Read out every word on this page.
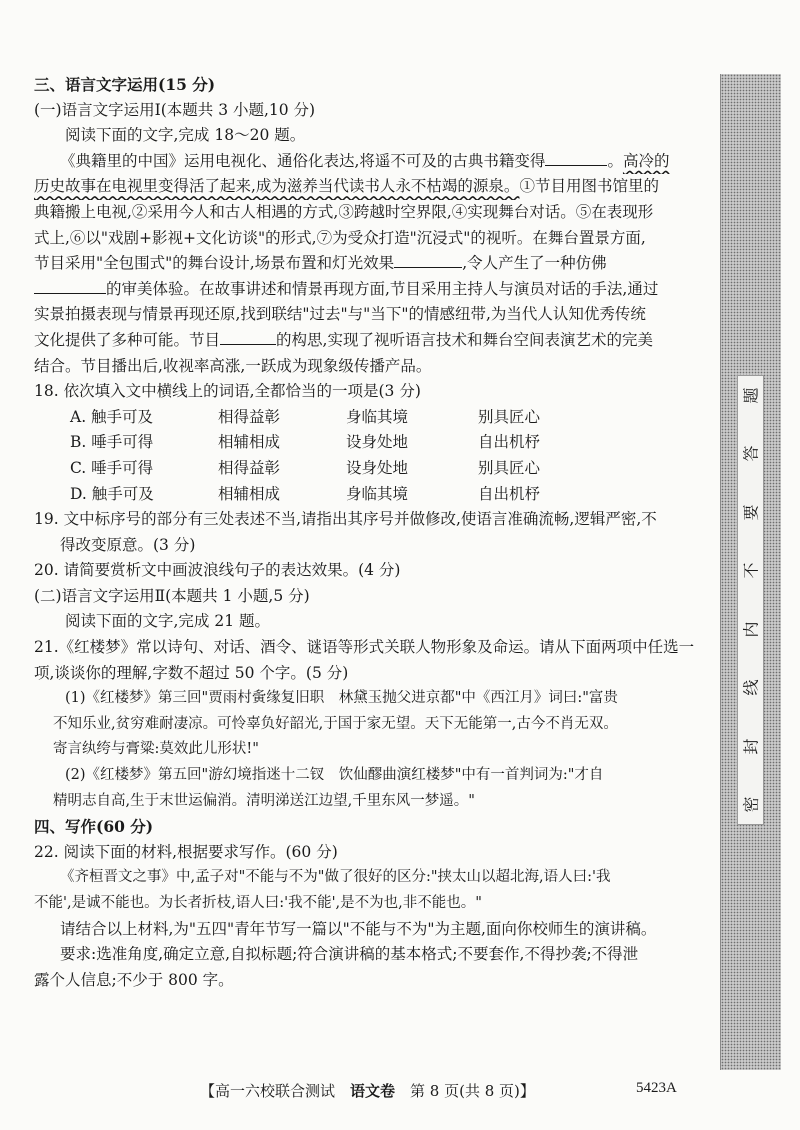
三、语言文字运用(15 分)
(一)语言文字运用Ⅰ(本题共 3 小题,10 分)
阅读下面的文字,完成 18～20 题。
《典籍里的中国》运用电视化、通俗化表达,将遥不可及的古典书籍变得	。高冷的
历史故事在电视里变得活了起来,成为滋养当代读书人永不枯竭的源泉。①节目用图书馆里的
典籍搬上电视,②采用今人和古人相遇的方式,③跨越时空界限,④实现舞台对话。⑤在表现形
式上,⑥以"戏剧+影视+文化访谈"的形式,⑦为受众打造"沉浸式"的视听。在舞台置景方面,
节目采用"全包围式"的舞台设计,场景布置和灯光效果	,令人产生了一种仿佛
的审美体验。在故事讲述和情景再现方面,节目采用主持人与演员对话的手法,通过
实景拍摄表现与情景再现还原,找到联结"过去"与"当下"的情感纽带,为当代人认知优秀传统
文化提供了多种可能。节目	的构思,实现了视听语言技术和舞台空间表演艺术的完美
结合。节目播出后,收视率高涨,一跃成为现象级传播产品。
18. 依次填入文中横线上的词语,全都恰当的一项是(3 分)
A. 触手可及	相得益彰	身临其境	别具匠心
B. 唾手可得	相辅相成	设身处地	自出机杼
C. 唾手可得	相得益彰	设身处地	别具匠心
D. 触手可及	相辅相成	身临其境	自出机杼
19. 文中标序号的部分有三处表述不当,请指出其序号并做修改,使语言准确流畅,逻辑严密,不
得改变原意。(3 分)
20. 请简要赏析文中画波浪线句子的表达效果。(4 分)
(二)语言文字运用Ⅱ(本题共 1 小题,5 分)
阅读下面的文字,完成 21 题。
21.《红楼梦》常以诗句、对话、酒令、谜语等形式关联人物形象及命运。请从下面两项中任选一
项,谈谈你的理解,字数不超过 50 个字。(5 分)
(1)《红楼梦》第三回"贾雨村夤缘复旧职　林黛玉抛父进京都"中《西江月》词曰:"富贵
不知乐业,贫穷难耐凄凉。可怜辜负好韶光,于国于家无望。天下无能第一,古今不肖无双。
寄言纨绔与膏粱:莫效此儿形状!"
(2)《红楼梦》第五回"游幻境指迷十二钗　饮仙醪曲演红楼梦"中有一首判词为:"才自
精明志自高,生于末世运偏消。清明涕送江边望,千里东风一梦遥。"
四、写作(60 分)
22. 阅读下面的材料,根据要求写作。(60 分)
《齐桓晋文之事》中,孟子对"不能与不为"做了很好的区分:"挟太山以超北海,语人曰:'我
不能',是诚不能也。为长者折枝,语人曰:'我不能',是不为也,非不能也。"
请结合以上材料,为"五四"青年节写一篇以"不能与不为"为主题,面向你校师生的演讲稿。
要求:选准角度,确定立意,自拟标题;符合演讲稿的基本格式;不要套作,不得抄袭;不得泄
露个人信息;不少于 800 字。
【高一六校联合测试　语文卷　第 8 页(共 8 页)】	5423A
题
答
要
不
内
线
封
密
